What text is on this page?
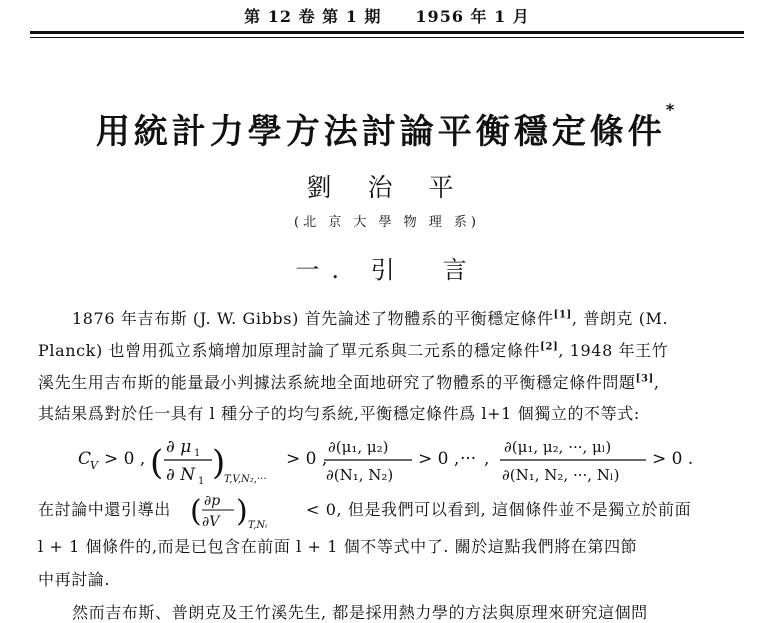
第 12 卷 第 1 期　　1956 年 1 月
用統計力學方法討論平衡穩定條件*
劉 治 平
(北 京 大 學 物 理 系)
一. 引　言
1876 年吉布斯 (J. W. Gibbs) 首先論述了物體系的平衡穩定條件[1], 普朗克 (M.
Planck) 也曾用孤立系熵增加原理討論了單元系與二元系的穩定條件[2], 1948 年王竹
溪先生用吉布斯的能量最小判據法系統地全面地研究了物體系的平衡穩定條件問題[3],
其結果爲對於任一具有 l 種分子的均勻系統,平衡穩定條件爲 l+1 個獨立的不等式:
C
V > 0 , ( ∂ μ 1
∂ N 1 )
T,V,N₂,···
> 0 ,
∂(μ₁, μ₂)
∂(N₁, N₂)
> 0 , ··· ,
∂(μ₁, μ₂, ···, μₗ)
∂(N₁, N₂, ···, Nₗ)
> 0 .
在討論中還引導出 ( ∂p
∂V ) T,Nᵢ
< 0, 但是我們可以看到, 這個條件並不是獨立於前面
l + 1 個條件的,而是已包含在前面 l + 1 個不等式中了. 關於這點我們將在第四節
中再討論.
然而吉布斯、普朗克及王竹溪先生, 都是採用熱力學的方法與原理來研究這個問
